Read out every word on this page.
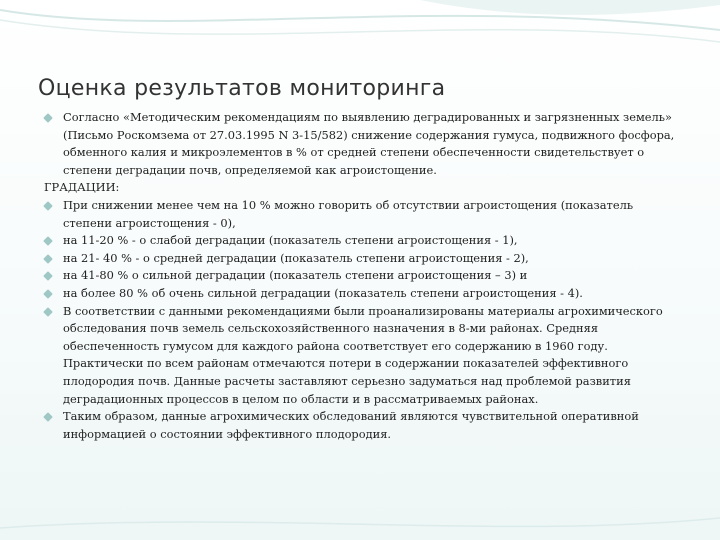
Оценка результатов мониторинга

Согласно «Методическим рекомендациям по выявлению деградированных и загрязненных земель» (Письмо Роскомзема от 27.03.1995 N 3-15/582) снижение содержания гумуса, подвижного фосфора, обменного калия и микроэлементов в % от средней степени обеспеченности свидетельствует о степени деградации почв, определяемой как агроистощение.

ГРАДАЦИИ:

При снижении менее чем на 10 % можно говорить об отсутствии агроистощения (показатель степени агроистощения - 0),

на 11-20 % - о слабой деградации (показатель степени агроистощения - 1),

на 21- 40 % - о средней деградации (показатель степени агроистощения - 2),

на 41-80 % о сильной деградации (показатель степени агроистощения – 3) и

на более 80 % об очень сильной деградации (показатель степени агроистощения - 4).

В соответствии с данными рекомендациями были проанализированы материалы агрохимического обследования почв земель сельскохозяйственного назначения в 8-ми районах. Средняя обеспеченность гумусом для каждого района соответствует его содержанию в 1960 году. Практически по всем районам отмечаются потери в содержании показателей эффективного плодородия почв. Данные расчеты заставляют серьезно задуматься над проблемой развития деградационных процессов в целом по области и в рассматриваемых районах.

Таким образом, данные агрохимических обследований являются чувствительной оперативной информацией о состоянии эффективного плодородия.
